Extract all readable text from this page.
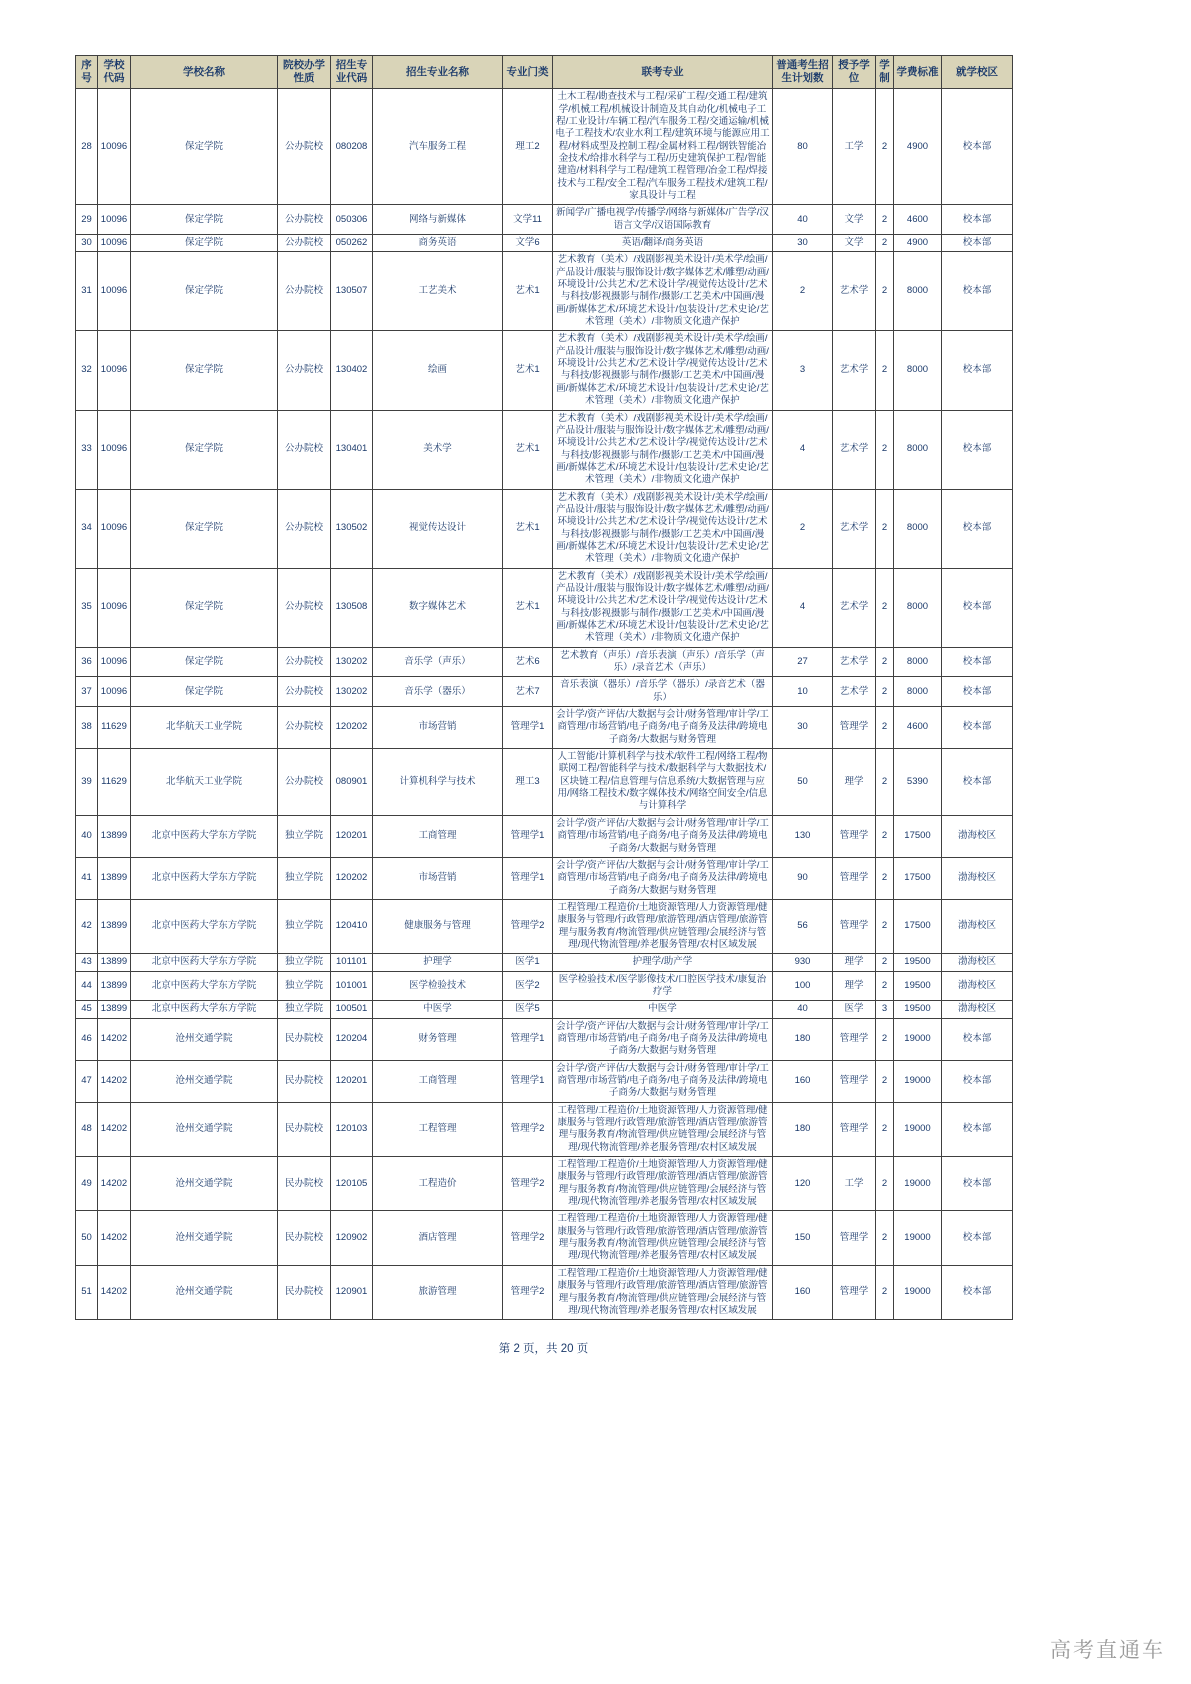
序号	学校代码	学校名称	院校办学性质	招生专业代码	招生专业名称	专业门类	联考专业	普通考生招生计划数	授予学位	学制	学费标准	就学校区
28	10096	保定学院	公办院校	080208	汽车服务工程	理工2	土木工程/勘查技术与工程/采矿工程/交通工程/建筑学/机械工程/机械设计制造及其自动化/机械电子工程/工业设计/车辆工程/汽车服务工程/交通运输/机械电子工程技术/农业水利工程/建筑环境与能源应用工程/材料成型及控制工程/金属材料工程/钢铁智能冶金技术/给排水科学与工程/历史建筑保护工程/智能建造/材料科学与工程/建筑工程管理/冶金工程/焊接技术与工程/安全工程/汽车服务工程技术/建筑工程/家具设计与工程	80	工学	2	4900	校本部
29	10096	保定学院	公办院校	050306	网络与新媒体	文学11	新闻学/广播电视学/传播学/网络与新媒体/广告学/汉语言文学/汉语国际教育	40	文学	2	4600	校本部
30	10096	保定学院	公办院校	050262	商务英语	文学6	英语/翻译/商务英语	30	文学	2	4900	校本部
31	10096	保定学院	公办院校	130507	工艺美术	艺术1	艺术教育（美术）/戏剧影视美术设计/美术学/绘画/产品设计/服装与服饰设计/数字媒体艺术/雕塑/动画/环境设计/公共艺术/艺术设计学/视觉传达设计/艺术与科技/影视摄影与制作/摄影/工艺美术/中国画/漫画/新媒体艺术/环境艺术设计/包装设计/艺术史论/艺术管理（美术）/非物质文化遗产保护	2	艺术学	2	8000	校本部
32	10096	保定学院	公办院校	130402	绘画	艺术1	艺术教育（美术）/戏剧影视美术设计/美术学/绘画/产品设计/服装与服饰设计/数字媒体艺术/雕塑/动画/环境设计/公共艺术/艺术设计学/视觉传达设计/艺术与科技/影视摄影与制作/摄影/工艺美术/中国画/漫画/新媒体艺术/环境艺术设计/包装设计/艺术史论/艺术管理（美术）/非物质文化遗产保护	3	艺术学	2	8000	校本部
33	10096	保定学院	公办院校	130401	美术学	艺术1	艺术教育（美术）/戏剧影视美术设计/美术学/绘画/产品设计/服装与服饰设计/数字媒体艺术/雕塑/动画/环境设计/公共艺术/艺术设计学/视觉传达设计/艺术与科技/影视摄影与制作/摄影/工艺美术/中国画/漫画/新媒体艺术/环境艺术设计/包装设计/艺术史论/艺术管理（美术）/非物质文化遗产保护	4	艺术学	2	8000	校本部
34	10096	保定学院	公办院校	130502	视觉传达设计	艺术1	艺术教育（美术）/戏剧影视美术设计/美术学/绘画/产品设计/服装与服饰设计/数字媒体艺术/雕塑/动画/环境设计/公共艺术/艺术设计学/视觉传达设计/艺术与科技/影视摄影与制作/摄影/工艺美术/中国画/漫画/新媒体艺术/环境艺术设计/包装设计/艺术史论/艺术管理（美术）/非物质文化遗产保护	2	艺术学	2	8000	校本部
35	10096	保定学院	公办院校	130508	数字媒体艺术	艺术1	艺术教育（美术）/戏剧影视美术设计/美术学/绘画/产品设计/服装与服饰设计/数字媒体艺术/雕塑/动画/环境设计/公共艺术/艺术设计学/视觉传达设计/艺术与科技/影视摄影与制作/摄影/工艺美术/中国画/漫画/新媒体艺术/环境艺术设计/包装设计/艺术史论/艺术管理（美术）/非物质文化遗产保护	4	艺术学	2	8000	校本部
36	10096	保定学院	公办院校	130202	音乐学（声乐）	艺术6	艺术教育（声乐）/音乐表演（声乐）/音乐学（声乐）/录音艺术（声乐）	27	艺术学	2	8000	校本部
37	10096	保定学院	公办院校	130202	音乐学（器乐）	艺术7	音乐表演（器乐）/音乐学（器乐）/录音艺术（器乐）	10	艺术学	2	8000	校本部
38	11629	北华航天工业学院	公办院校	120202	市场营销	管理学1	会计学/资产评估/大数据与会计/财务管理/审计学/工商管理/市场营销/电子商务/电子商务及法律/跨境电子商务/大数据与财务管理	30	管理学	2	4600	校本部
39	11629	北华航天工业学院	公办院校	080901	计算机科学与技术	理工3	人工智能/计算机科学与技术/软件工程/网络工程/物联网工程/智能科学与技术/数据科学与大数据技术/区块链工程/信息管理与信息系统/大数据管理与应用/网络工程技术/数字媒体技术/网络空间安全/信息与计算科学	50	理学	2	5390	校本部
40	13899	北京中医药大学东方学院	独立学院	120201	工商管理	管理学1	会计学/资产评估/大数据与会计/财务管理/审计学/工商管理/市场营销/电子商务/电子商务及法律/跨境电子商务/大数据与财务管理	130	管理学	2	17500	渤海校区
41	13899	北京中医药大学东方学院	独立学院	120202	市场营销	管理学1	会计学/资产评估/大数据与会计/财务管理/审计学/工商管理/市场营销/电子商务/电子商务及法律/跨境电子商务/大数据与财务管理	90	管理学	2	17500	渤海校区
42	13899	北京中医药大学东方学院	独立学院	120410	健康服务与管理	管理学2	工程管理/工程造价/土地资源管理/人力资源管理/健康服务与管理/行政管理/旅游管理/酒店管理/旅游管理与服务教育/物流管理/供应链管理/会展经济与管理/现代物流管理/养老服务管理/农村区域发展	56	管理学	2	17500	渤海校区
43	13899	北京中医药大学东方学院	独立学院	101101	护理学	医学1	护理学/助产学	930	理学	2	19500	渤海校区
44	13899	北京中医药大学东方学院	独立学院	101001	医学检验技术	医学2	医学检验技术/医学影像技术/口腔医学技术/康复治疗学	100	理学	2	19500	渤海校区
45	13899	北京中医药大学东方学院	独立学院	100501	中医学	医学5	中医学	40	医学	3	19500	渤海校区
46	14202	沧州交通学院	民办院校	120204	财务管理	管理学1	会计学/资产评估/大数据与会计/财务管理/审计学/工商管理/市场营销/电子商务/电子商务及法律/跨境电子商务/大数据与财务管理	180	管理学	2	19000	校本部
47	14202	沧州交通学院	民办院校	120201	工商管理	管理学1	会计学/资产评估/大数据与会计/财务管理/审计学/工商管理/市场营销/电子商务/电子商务及法律/跨境电子商务/大数据与财务管理	160	管理学	2	19000	校本部
48	14202	沧州交通学院	民办院校	120103	工程管理	管理学2	工程管理/工程造价/土地资源管理/人力资源管理/健康服务与管理/行政管理/旅游管理/酒店管理/旅游管理与服务教育/物流管理/供应链管理/会展经济与管理/现代物流管理/养老服务管理/农村区域发展	180	管理学	2	19000	校本部
49	14202	沧州交通学院	民办院校	120105	工程造价	管理学2	工程管理/工程造价/土地资源管理/人力资源管理/健康服务与管理/行政管理/旅游管理/酒店管理/旅游管理与服务教育/物流管理/供应链管理/会展经济与管理/现代物流管理/养老服务管理/农村区域发展	120	工学	2	19000	校本部
50	14202	沧州交通学院	民办院校	120902	酒店管理	管理学2	工程管理/工程造价/土地资源管理/人力资源管理/健康服务与管理/行政管理/旅游管理/酒店管理/旅游管理与服务教育/物流管理/供应链管理/会展经济与管理/现代物流管理/养老服务管理/农村区域发展	150	管理学	2	19000	校本部
51	14202	沧州交通学院	民办院校	120901	旅游管理	管理学2	工程管理/工程造价/土地资源管理/人力资源管理/健康服务与管理/行政管理/旅游管理/酒店管理/旅游管理与服务教育/物流管理/供应链管理/会展经济与管理/现代物流管理/养老服务管理/农村区域发展	160	管理学	2	19000	校本部
第 2 页，共 20 页
高考直通车
